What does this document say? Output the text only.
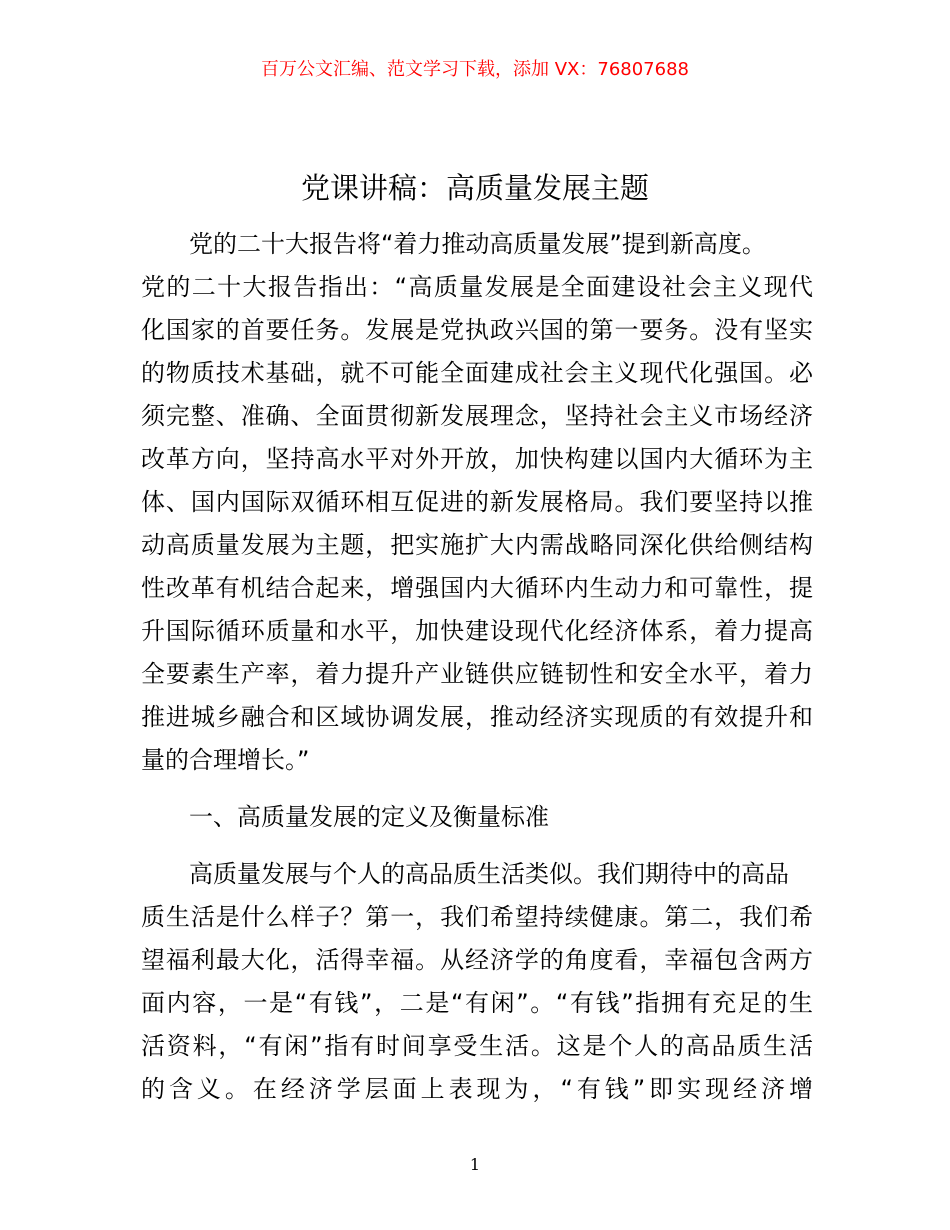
百万公文汇编、范文学习下载，添加 VX：76807688
党课讲稿：高质量发展主题
党的二十大报告将“着力推动高质量发展”提到新高度。
党的二十大报告指出：“高质量发展是全面建设社会主义现代
化国家的首要任务。发展是党执政兴国的第一要务。没有坚实
的物质技术基础，就不可能全面建成社会主义现代化强国。必
须完整、准确、全面贯彻新发展理念，坚持社会主义市场经济
改革方向，坚持高水平对外开放，加快构建以国内大循环为主
体、国内国际双循环相互促进的新发展格局。我们要坚持以推
动高质量发展为主题，把实施扩大内需战略同深化供给侧结构
性改革有机结合起来，增强国内大循环内生动力和可靠性，提
升国际循环质量和水平，加快建设现代化经济体系，着力提高
全要素生产率，着力提升产业链供应链韧性和安全水平，着力
推进城乡融合和区域协调发展，推动经济实现质的有效提升和
量的合理增长。”
一、高质量发展的定义及衡量标准
高质量发展与个人的高品质生活类似。我们期待中的高品
质生活是什么样子？第一，我们希望持续健康。第二，我们希
望福利最大化，活得幸福。从经济学的角度看，幸福包含两方
面内容，一是“有钱”，二是“有闲”。“有钱”指拥有充足的生
活资料，“有闲”指有时间享受生活。这是个人的高品质生活
的含义。在经济学层面上表现为，“有钱”即实现经济增
1
